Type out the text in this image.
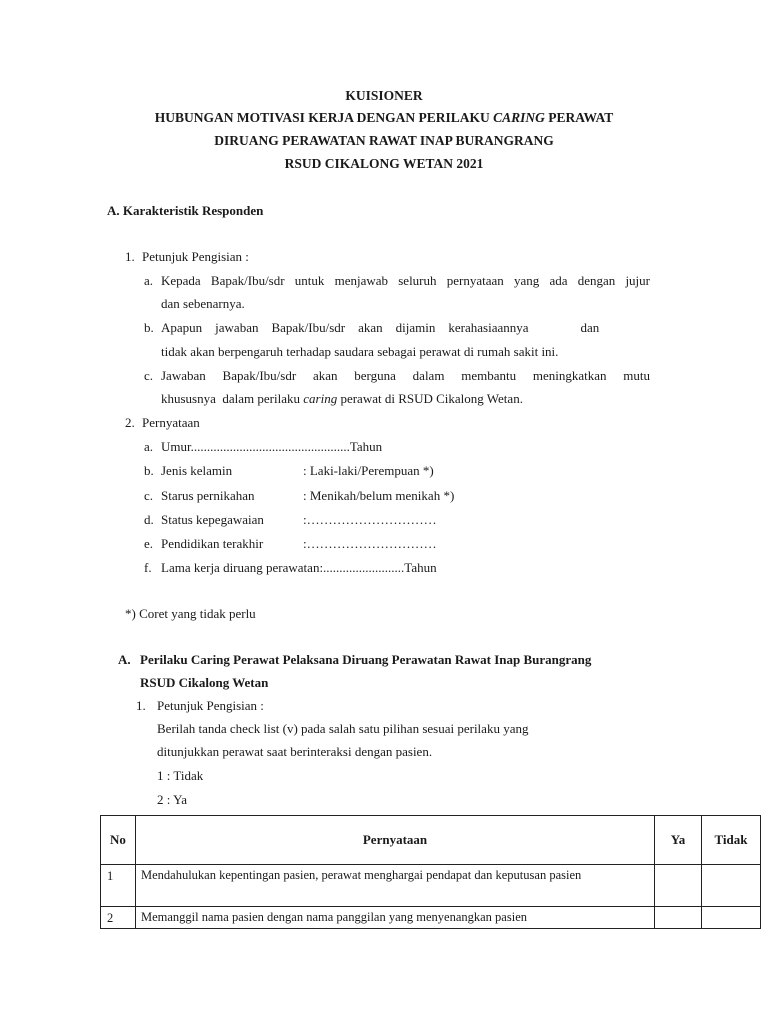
KUISIONER
HUBUNGAN MOTIVASI KERJA DENGAN PERILAKU CARING PERAWAT
DIRUANG PERAWATAN RAWAT INAP BURANGRANG
RSUD CIKALONG WETAN 2021
A. Karakteristik Responden
1. Petunjuk Pengisian :
a. Kepada Bapak/Ibu/sdr untuk menjawab seluruh pernyataan yang ada dengan jujur
dan sebenarnya.
b. Apapun    jawaban    Bapak/Ibu/sdr    akan    dijamin    kerahasiaannya                dan
tidak akan berpengaruh terhadap saudara sebagai perawat di rumah sakit ini.
c. Jawaban Bapak/Ibu/sdr akan berguna dalam membantu meningkatkan mutu
khususnya  dalam perilaku caring perawat di RSUD Cikalong Wetan.
2. Pernyataan
a. Umur.................................................Tahun
b. Jenis kelamin	: Laki-laki/Perempuan *)
c. Starus pernikahan	: Menikah/belum menikah *)
d. Status kepegawaian	:…………………………
e. Pendidikan terakhir	:…………………………
f. Lama kerja diruang perawatan:.........................Tahun
*) Coret yang tidak perlu
A. Perilaku Caring Perawat Pelaksana Diruang Perawatan Rawat Inap Burangrang
RSUD Cikalong Wetan
1. Petunjuk Pengisian :
Berilah tanda check list (v) pada salah satu pilihan sesuai perilaku yang
ditunjukkan perawat saat berinteraksi dengan pasien.
1 : Tidak
2 : Ya
No	Pernyataan	Ya	Tidak
1	Mendahulukan kepentingan pasien, perawat menghargai pendapat dan keputusan pasien		
2	Memanggil nama pasien dengan nama panggilan yang menyenangkan pasien		
